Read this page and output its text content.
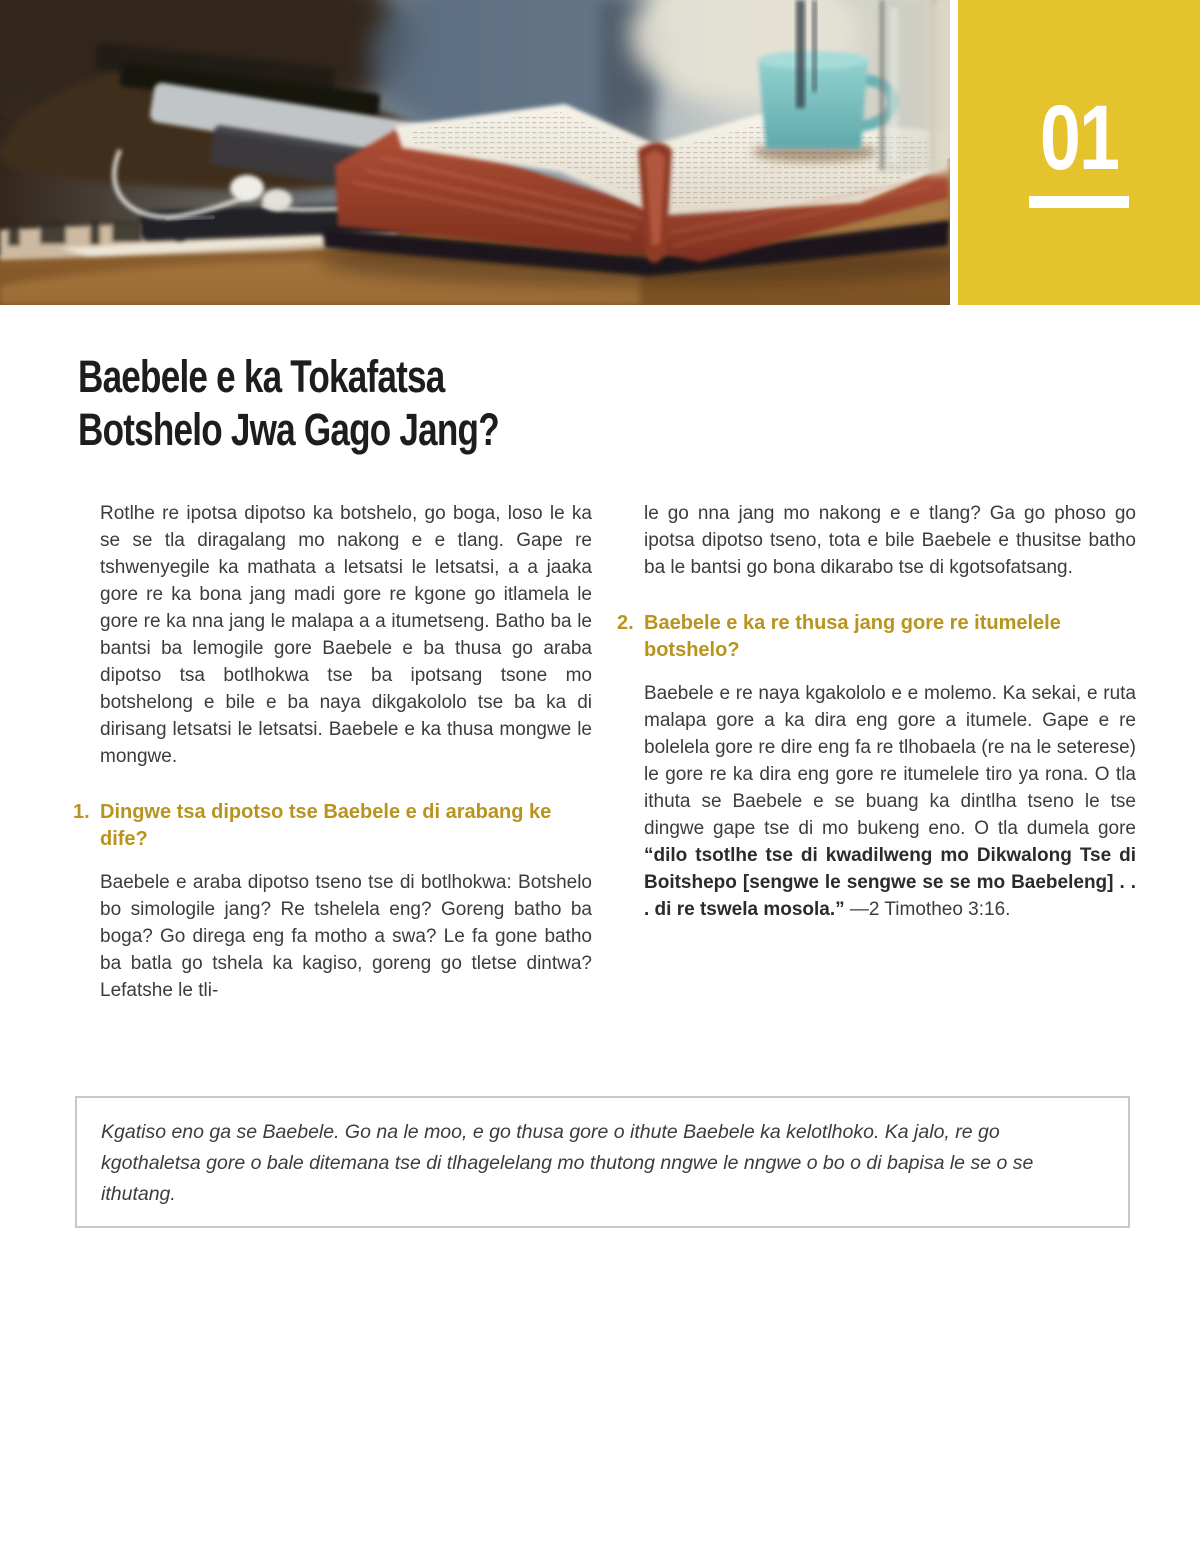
01
Baebele e ka Tokafatsa
Botshelo Jwa Gago Jang?

Rotlhe re ipotsa dipotso ka botshelo, go boga, loso le ka se se tla diragalang mo nakong e e tlang. Gape re tshwenyegile ka mathata a letsatsi le letsatsi, a a jaaka gore re ka bona jang madi gore re kgone go itlamela le gore re ka nna jang le malapa a a itumetseng. Batho ba le bantsi ba lemogile gore Baebele e ba thusa go araba dipotso tsa botlhokwa tse ba ipotsang tsone mo botshelong e bile e ba naya dikgakololo tse ba ka di dirisang letsatsi le letsatsi. Baebele e ka thusa mongwe le mongwe.

1. Dingwe tsa dipotso tse Baebele e di arabang ke dife?

Baebele e araba dipotso tseno tse di botlhokwa: Botshelo bo simologile jang? Re tshelela eng? Goreng batho ba boga? Go direga eng fa motho a swa? Le fa gone batho ba batla go tshela ka kagiso, goreng go tletse dintwa? Lefatshe le tli-

le go nna jang mo nakong e e tlang? Ga go phoso go ipotsa dipotso tseno, tota e bile Baebele e thusitse batho ba le bantsi go bona dikarabo tse di kgotsofatsang.

2. Baebele e ka re thusa jang gore re itumelele botshelo?

Baebele e re naya kgakololo e e molemo. Ka sekai, e ruta malapa gore a ka dira eng gore a itumele. Gape e re bolelela gore re dire eng fa re tlhobaela (re na le seterese) le gore re ka dira eng gore re itumelele tiro ya rona. O tla ithuta se Baebele e se buang ka dintlha tseno le tse dingwe gape tse di mo bukeng eno. O tla dumela gore “dilo tsotlhe tse di kwadilweng mo Dikwalong Tse di Boitshepo [sengwe le sengwe se se mo Baebeleng] . . . di re tswela mosola.” —2 Timotheo 3:16.

Kgatiso eno ga se Baebele. Go na le moo, e go thusa gore o ithute Baebele ka kelotlhoko. Ka jalo, re go kgothaletsa gore o bale ditemana tse di tlhagelelang mo thutong nngwe le nngwe o bo o di bapisa le se o se ithutang.
